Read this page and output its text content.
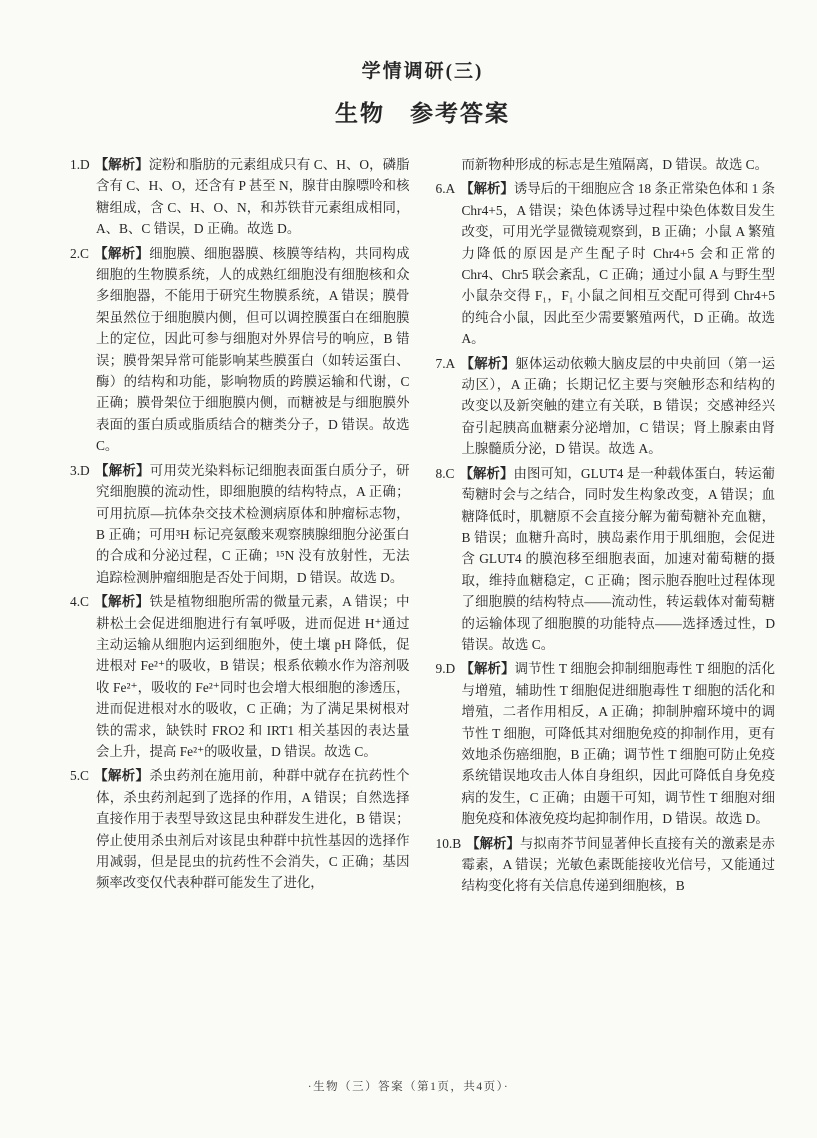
学情调研(三)
生物　参考答案

1.D 【解析】淀粉和脂肪的元素组成只有 C、H、O，磷脂含有 C、H、O，还含有 P 甚至 N，腺苷由腺嘌呤和核糖组成，含 C、H、O、N，和苏铁苷元素组成相同，A、B、C 错误，D 正确。故选 D。

2.C 【解析】细胞膜、细胞器膜、核膜等结构，共同构成细胞的生物膜系统，人的成熟红细胞没有细胞核和众多细胞器，不能用于研究生物膜系统，A 错误；膜骨架虽然位于细胞膜内侧，但可以调控膜蛋白在细胞膜上的定位，因此可参与细胞对外界信号的响应，B 错误；膜骨架异常可能影响某些膜蛋白（如转运蛋白、酶）的结构和功能，影响物质的跨膜运输和代谢，C 正确；膜骨架位于细胞膜内侧，而糖被是与细胞膜外表面的蛋白质或脂质结合的糖类分子，D 错误。故选 C。

3.D 【解析】可用荧光染料标记细胞表面蛋白质分子，研究细胞膜的流动性，即细胞膜的结构特点，A 正确；可用抗原—抗体杂交技术检测病原体和肿瘤标志物，B 正确；可用³H 标记亮氨酸来观察胰腺细胞分泌蛋白的合成和分泌过程，C 正确；¹⁵N 没有放射性，无法追踪检测肿瘤细胞是否处于间期，D 错误。故选 D。

4.C 【解析】铁是植物细胞所需的微量元素，A 错误；中耕松土会促进细胞进行有氧呼吸，进而促进 H⁺通过主动运输从细胞内运到细胞外，使土壤 pH 降低，促进根对 Fe²⁺的吸收，B 错误；根系依赖水作为溶剂吸收 Fe²⁺，吸收的 Fe²⁺同时也会增大根细胞的渗透压，进而促进根对水的吸收，C 正确；为了满足果树根对铁的需求，缺铁时 FRO2 和 IRT1 相关基因的表达量会上升，提高 Fe²⁺的吸收量，D 错误。故选 C。

5.C 【解析】杀虫药剂在施用前，种群中就存在抗药性个体，杀虫药剂起到了选择的作用，A 错误；自然选择直接作用于表型导致这昆虫种群发生进化，B 错误；停止使用杀虫剂后对该昆虫种群中抗性基因的选择作用减弱，但是昆虫的抗药性不会消失，C 正确；基因频率改变仅代表种群可能发生了进化，

而新物种形成的标志是生殖隔离，D 错误。故选 C。

6.A 【解析】诱导后的干细胞应含 18 条正常染色体和 1 条 Chr4+5，A 错误；染色体诱导过程中染色体数目发生改变，可用光学显微镜观察到，B 正确；小鼠 A 繁殖力降低的原因是产生配子时 Chr4+5 会和正常的 Chr4、Chr5 联会紊乱，C 正确；通过小鼠 A 与野生型小鼠杂交得 F₁，F₁ 小鼠之间相互交配可得到 Chr4+5 的纯合小鼠，因此至少需要繁殖两代，D 正确。故选 A。

7.A 【解析】躯体运动依赖大脑皮层的中央前回（第一运动区），A 正确；长期记忆主要与突触形态和结构的改变以及新突触的建立有关联，B 错误；交感神经兴奋引起胰高血糖素分泌增加，C 错误；肾上腺素由肾上腺髓质分泌，D 错误。故选 A。

8.C 【解析】由图可知，GLUT4 是一种载体蛋白，转运葡萄糖时会与之结合，同时发生构象改变，A 错误；血糖降低时，肌糖原不会直接分解为葡萄糖补充血糖，B 错误；血糖升高时，胰岛素作用于肌细胞，会促进含 GLUT4 的膜泡移至细胞表面，加速对葡萄糖的摄取，维持血糖稳定，C 正确；图示胞吞胞吐过程体现了细胞膜的结构特点——流动性，转运载体对葡萄糖的运输体现了细胞膜的功能特点——选择透过性，D 错误。故选 C。

9.D 【解析】调节性 T 细胞会抑制细胞毒性 T 细胞的活化与增殖，辅助性 T 细胞促进细胞毒性 T 细胞的活化和增殖，二者作用相反，A 正确；抑制肿瘤环境中的调节性 T 细胞，可降低其对细胞免疫的抑制作用，更有效地杀伤癌细胞，B 正确；调节性 T 细胞可防止免疫系统错误地攻击人体自身组织，因此可降低自身免疫病的发生，C 正确；由题干可知，调节性 T 细胞对细胞免疫和体液免疫均起抑制作用，D 错误。故选 D。

10.B 【解析】与拟南芥节间显著伸长直接有关的激素是赤霉素，A 错误；光敏色素既能接收光信号，又能通过结构变化将有关信息传递到细胞核，B

·生物（三）答案（第1页，共4页）·
